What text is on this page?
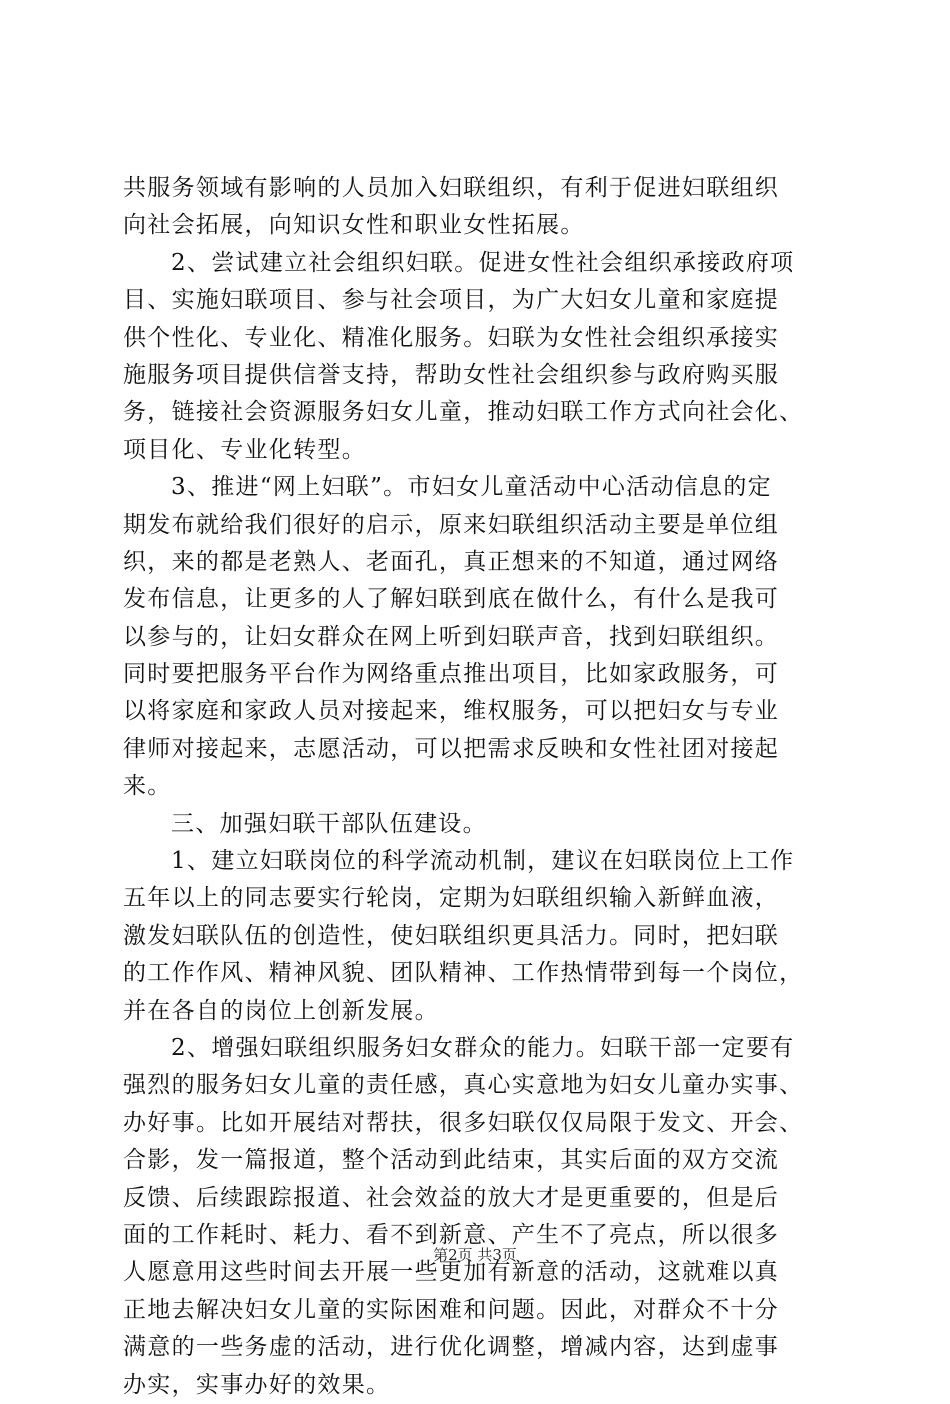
共服务领域有影响的人员加入妇联组织，有利于促进妇联组织
向社会拓展，向知识女性和职业女性拓展。
2、尝试建立社会组织妇联。促进女性社会组织承接政府项
目、实施妇联项目、参与社会项目，为广大妇女儿童和家庭提
供个性化、专业化、精准化服务。妇联为女性社会组织承接实
施服务项目提供信誉支持，帮助女性社会组织参与政府购买服
务，链接社会资源服务妇女儿童，推动妇联工作方式向社会化、
项目化、专业化转型。
3、推进“网上妇联”。市妇女儿童活动中心活动信息的定
期发布就给我们很好的启示，原来妇联组织活动主要是单位组
织，来的都是老熟人、老面孔，真正想来的不知道，通过网络
发布信息，让更多的人了解妇联到底在做什么，有什么是我可
以参与的，让妇女群众在网上听到妇联声音，找到妇联组织。
同时要把服务平台作为网络重点推出项目，比如家政服务，可
以将家庭和家政人员对接起来，维权服务，可以把妇女与专业
律师对接起来，志愿活动，可以把需求反映和女性社团对接起
来。
三、加强妇联干部队伍建设。
1、建立妇联岗位的科学流动机制，建议在妇联岗位上工作
五年以上的同志要实行轮岗，定期为妇联组织输入新鲜血液，
激发妇联队伍的创造性，使妇联组织更具活力。同时，把妇联
的工作作风、精神风貌、团队精神、工作热情带到每一个岗位，
并在各自的岗位上创新发展。
2、增强妇联组织服务妇女群众的能力。妇联干部一定要有
强烈的服务妇女儿童的责任感，真心实意地为妇女儿童办实事、
办好事。比如开展结对帮扶，很多妇联仅仅局限于发文、开会、
合影，发一篇报道，整个活动到此结束，其实后面的双方交流
反馈、后续跟踪报道、社会效益的放大才是更重要的，但是后
面的工作耗时、耗力、看不到新意、产生不了亮点，所以很多
人愿意用这些时间去开展一些更加有新意的活动，这就难以真
正地去解决妇女儿童的实际困难和问题。因此，对群众不十分
满意的一些务虚的活动，进行优化调整，增减内容，达到虚事
办实，实事办好的效果。
第2页 共3页
